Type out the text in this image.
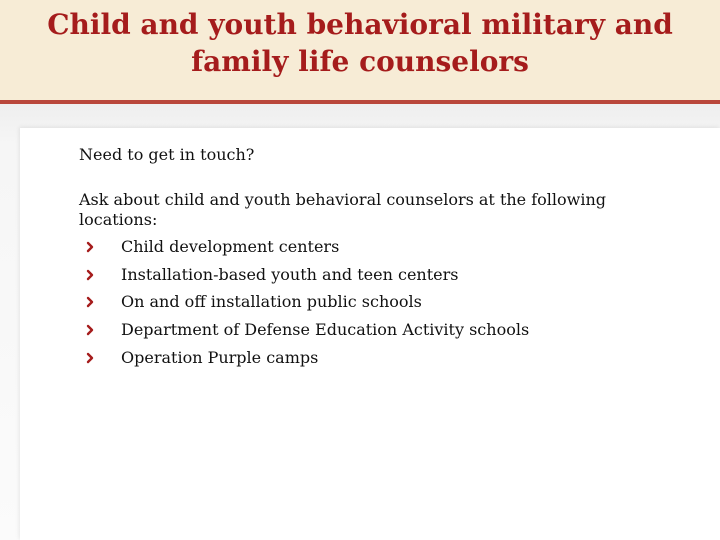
Child and youth behavioral military and family life counselors

Need to get in touch?

Ask about child and youth behavioral counselors at the following locations:

Child development centers
Installation-based youth and teen centers
On and off installation public schools
Department of Defense Education Activity schools
Operation Purple camps
